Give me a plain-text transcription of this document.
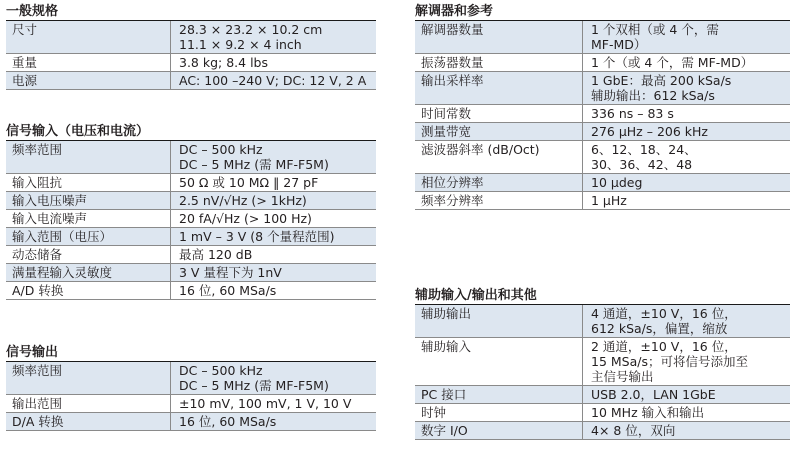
一般规格
尺寸	28.3 × 23.2 × 10.2 cm
11.1 × 9.2 × 4 inch
重量	3.8 kg; 8.4 lbs
电源	AC: 100 –240 V; DC: 12 V, 2 A
信号输入（电压和电流）
频率范围	DC – 500 kHz
DC – 5 MHz (需 MF-F5M)
输入阻抗	50 Ω 或 10 MΩ ‖ 27 pF
输入电压噪声	2.5 nV/√Hz (> 1kHz)
输入电流噪声	20 fA/√Hz (> 100 Hz)
输入范围（电压）	1 mV – 3 V (8 个量程范围)
动态储备	最高 120 dB
满量程输入灵敏度	3 V 量程下为 1nV
A/D 转换	16 位, 60 MSa/s
信号输出
频率范围	DC – 500 kHz
DC – 5 MHz (需 MF-F5M)
输出范围	±10 mV, 100 mV, 1 V, 10 V
D/A 转换	16 位, 60 MSa/s
解调器和参考
解调器数量	1 个双相（或 4 个，需
MF-MD）
振荡器数量	1 个（或 4 个，需 MF-MD）
输出采样率	1 GbE：最高 200 kSa/s
辅助输出：612 kSa/s
时间常数	336 ns – 83 s
测量带宽	276 μHz – 206 kHz
滤波器斜率 (dB/Oct)	6、12、18、24、
30、36、42、48
相位分辨率	10 μdeg
频率分辨率	1 μHz
辅助输入/输出和其他
辅助输出	4 通道，±10 V，16 位，
612 kSa/s，偏置，缩放
辅助输入	2 通道，±10 V，16 位，
15 MSa/s；可将信号添加至
主信号输出
PC 接口	USB 2.0，LAN 1GbE
时钟	10 MHz 输入和输出
数字 I/O	4× 8 位，双向
